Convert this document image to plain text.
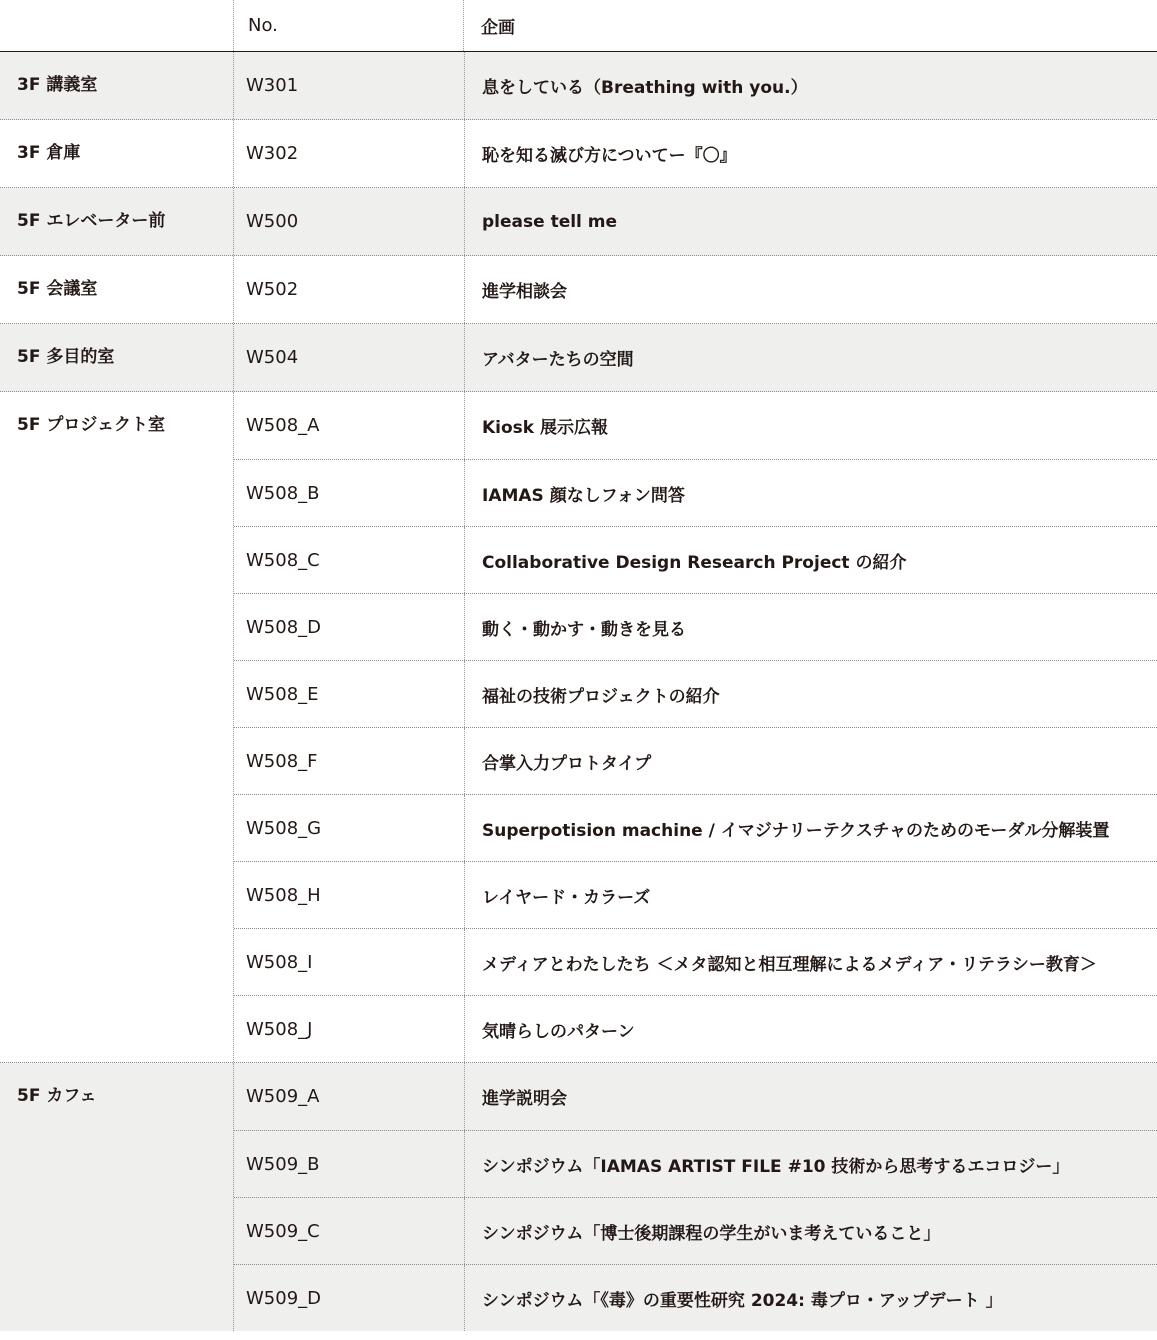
No.	企画
3F 講義室	W301	息をしている（Breathing with you.）
3F 倉庫	W302	恥を知る滅び方についてー『〇』
5F エレベーター前	W500	please tell me
5F 会議室	W502	進学相談会
5F 多目的室	W504	アバターたちの空間
5F プロジェクト室	W508_A	Kiosk 展示広報
W508_B	IAMAS 顔なしフォン問答
W508_C	Collaborative Design Research Project の紹介
W508_D	動く・動かす・動きを見る
W508_E	福祉の技術プロジェクトの紹介
W508_F	合掌入力プロトタイプ
W508_G	Superpotision machine / イマジナリーテクスチャのためのモーダル分解装置
W508_H	レイヤード・カラーズ
W508_I	メディアとわたしたち ＜メタ認知と相互理解によるメディア・リテラシー教育＞
W508_J	気晴らしのパターン
5F カフェ	W509_A	進学説明会
W509_B	シンポジウム「IAMAS ARTIST FILE #10 技術から思考するエコロジー」
W509_C	シンポジウム「博士後期課程の学生がいま考えていること」
W509_D	シンポジウム「《毒》の重要性研究 2024: 毒プロ・アップデート 」
